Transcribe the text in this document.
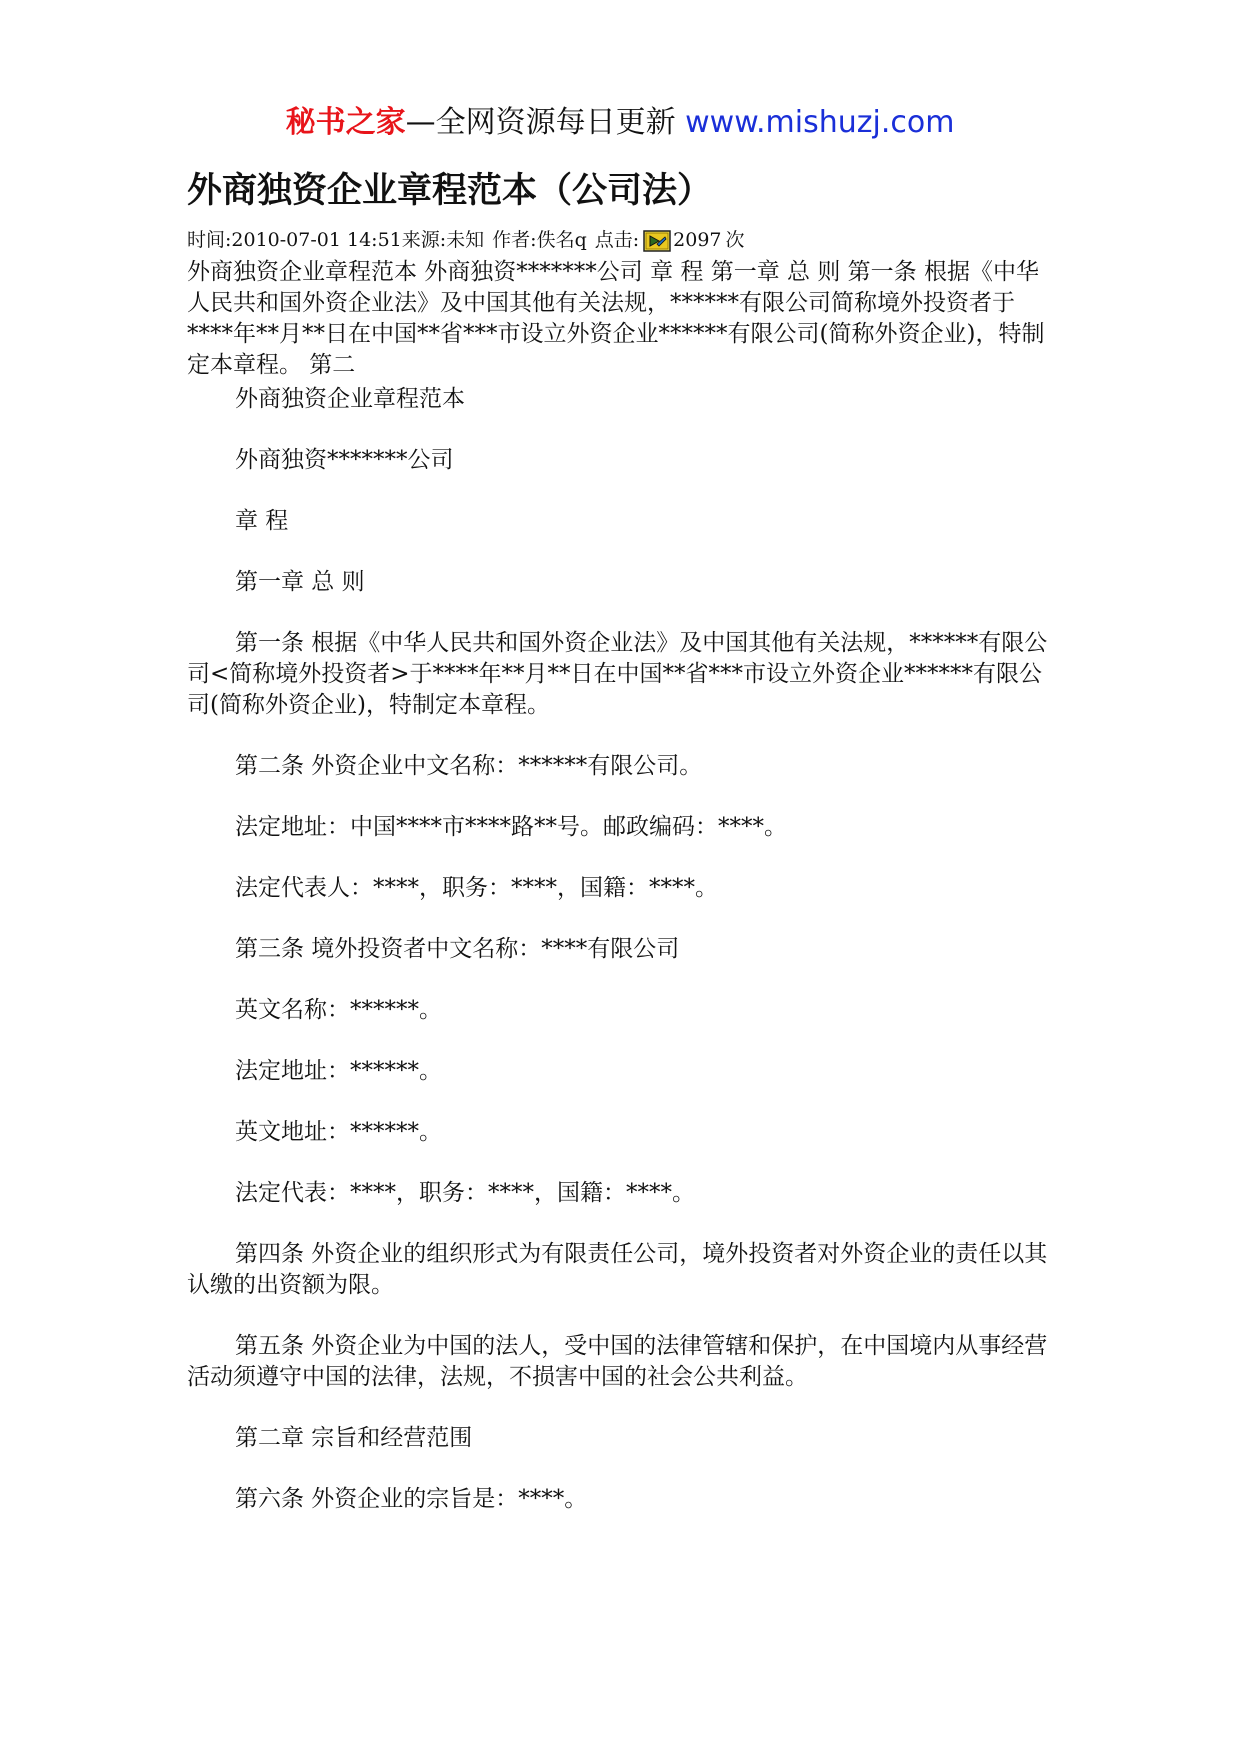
秘书之家—全网资源每日更新 www.mishuzj.com
外商独资企业章程范本（公司法）
时间: 2010-07-01 14:51 来源: 未知 作者: 佚名q 点击: 2097 次

外商独资企业章程范本 外商独资*******公司 章 程 第一章 总 则 第一条 根据《中华人民共和国外资企业法》及中国其他有关法规，******有限公司简称境外投资者于****年**月**日在中国**省***市设立外资企业******有限公司(简称外资企业)，特制定本章程。 第二

外商独资企业章程范本

外商独资*******公司

章 程

第一章 总 则

第一条 根据《中华人民共和国外资企业法》及中国其他有关法规，******有限公司<简称境外投资者>于****年**月**日在中国**省***市设立外资企业******有限公司(简称外资企业)，特制定本章程。

第二条 外资企业中文名称：******有限公司。

法定地址：中国****市****路**号。邮政编码：****。

法定代表人：****，职务：****，国籍：****。

第三条 境外投资者中文名称：****有限公司

英文名称：******。

法定地址：******。

英文地址：******。

法定代表：****，职务：****，国籍：****。

第四条 外资企业的组织形式为有限责任公司，境外投资者对外资企业的责任以其认缴的出资额为限。

第五条 外资企业为中国的法人，受中国的法律管辖和保护，在中国境内从事经营活动须遵守中国的法律，法规，不损害中国的社会公共利益。

第二章 宗旨和经营范围

第六条 外资企业的宗旨是：****。
